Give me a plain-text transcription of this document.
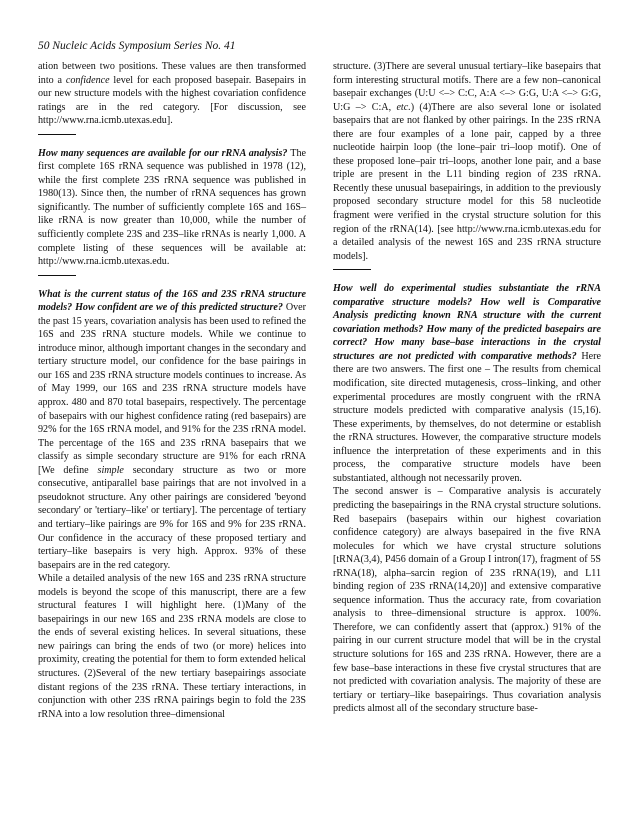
50 Nucleic Acids Symposium Series No. 41

ation between two positions. These values are then transformed into a confidence level for each proposed basepair. Basepairs in our new structure models with the highest covariation confidence ratings are in the red category. [For discussion, see http://www.rna.icmb.utexas.edu].

How many sequences are available for our rRNA analysis? The first complete 16S rRNA sequence was published in 1978 (12), while the first complete 23S rRNA sequence was published in 1980(13). Since then, the number of rRNA sequences has grown significantly. The number of sufficiently complete 16S and 16S–like rRNA is now greater than 10,000, while the number of sufficiently complete 23S and 23S–like rRNAs is nearly 1,000. A complete listing of these sequences will be available at: http://www.rna.icmb.utexas.edu.

What is the current status of the 16S and 23S rRNA structure models? How confident are we of this predicted structure? Over the past 15 years, covariation analysis has been used to refined the 16S and 23S rRNA stucture models. While we continue to introduce minor, although important changes in the secondary and tertiary structure model, our confidence for the base pairings in our 16S and 23S rRNA structure models continues to increase. As of May 1999, our 16S and 23S rRNA structure models have approx. 480 and 870 total basepairs, respectively. The percentage of basepairs with our highest confidence rating (red basepairs) are 92% for the 16S rRNA model, and 91% for the 23S rRNA model. The percentage of the 16S and 23S rRNA basepairs that we classify as simple secondary structure are 91% for each rRNA [We define simple secondary structure as two or more consecutive, antiparallel base pairings that are not involved in a pseudoknot structure. Any other pairings are considered 'beyond secondary' or 'tertiary–like' or tertiary]. The percentage of tertiary and tertiary–like pairings are 9% for 16S and 9% for 23S rRNA. Our confidence in the accuracy of these proposed tertiary and tertiary–like basepairs is very high. Approx. 93% of these basepairs are in the red category.

While a detailed analysis of the new 16S and 23S rRNA structure models is beyond the scope of this manuscript, there are a few structural features I will highlight here. (1)Many of the basepairings in our new 16S and 23S rRNA models are close to the ends of several existing helices. In several situations, these new pairings can bring the ends of two (or more) helices into proximity, creating the potential for them to form extended helical structures. (2)Several of the new tertiary basepairings associate distant regions of the 23S rRNA. These tertiary interactions, in conjunction with other 23S rRNA pairings begin to fold the 23S rRNA into a low resolution three–dimensional

structure. (3)There are several unusual tertiary–like basepairs that form interesting structural motifs. There are a few non–canonical basepair exchanges (U:U <–> C:C, A:A <–> G:G, U:A <–> G:G, U:G –> C:A, etc.) (4)There are also several lone or isolated basepairs that are not flanked by other pairings. In the 23S rRNA there are four examples of a lone pair, capped by a three nucleotide hairpin loop (the lone–pair tri–loop motif). One of these proposed lone–pair tri–loops, another lone pair, and a base triple are present in the L11 binding region of 23S rRNA. Recently these unusual basepairings, in addition to the previously proposed secondary structure model for this 58 nucleotide fragment were verified in the crystal structure solution for this region of the rRNA(14). [see http://www.rna.icmb.utexas.edu for a detailed analysis of the newest 16S and 23S rRNA structure models].

How well do experimental studies substantiate the rRNA comparative structure models? How well is Comparative Analysis predicting known RNA structure with the current covariation methods? How many of the predicted basepairs are correct? How many base–base interactions in the crystal structures are not predicted with comparative methods? Here there are two answers. The first one – The results from chemical modification, site directed mutagenesis, cross–linking, and other experimental procedures are mostly congruent with the rRNA structure models predicted with comparative analysis (15,16). These experiments, by themselves, do not determine or establish the rRNA structures. However, the comparative structure models influence the interpretation of these experiments and in this process, the comparative structure models have been substantiated, although not necessarily proven.

The second answer is – Comparative analysis is accurately predicting the basepairings in the RNA crystal structure solutions. Red basepairs (basepairs within our highest covariation confidence category) are always basepaired in the five RNA molecules for which we have crystal structure solutions [tRNA(3,4), P456 domain of a Group I intron(17), fragment of 5S rRNA(18), alpha–sarcin region of 23S rRNA(19), and L11 binding region of 23S rRNA(14,20)] and extensive comparative sequence information. Thus the accuracy rate, from covariation analysis to three–dimensional structure is approx. 100%. Therefore, we can confidently assert that (approx.) 91% of the pairing in our current structure model that will be in the crystal structure solutions for 16S and 23S rRNA. However, there are a few base–base interactions in these five crystal structures that are not predicted with covariation analysis. The majority of these are tertiary or tertiary–like basepairings. Thus covariation analysis predicts almost all of the secondary structure base-
